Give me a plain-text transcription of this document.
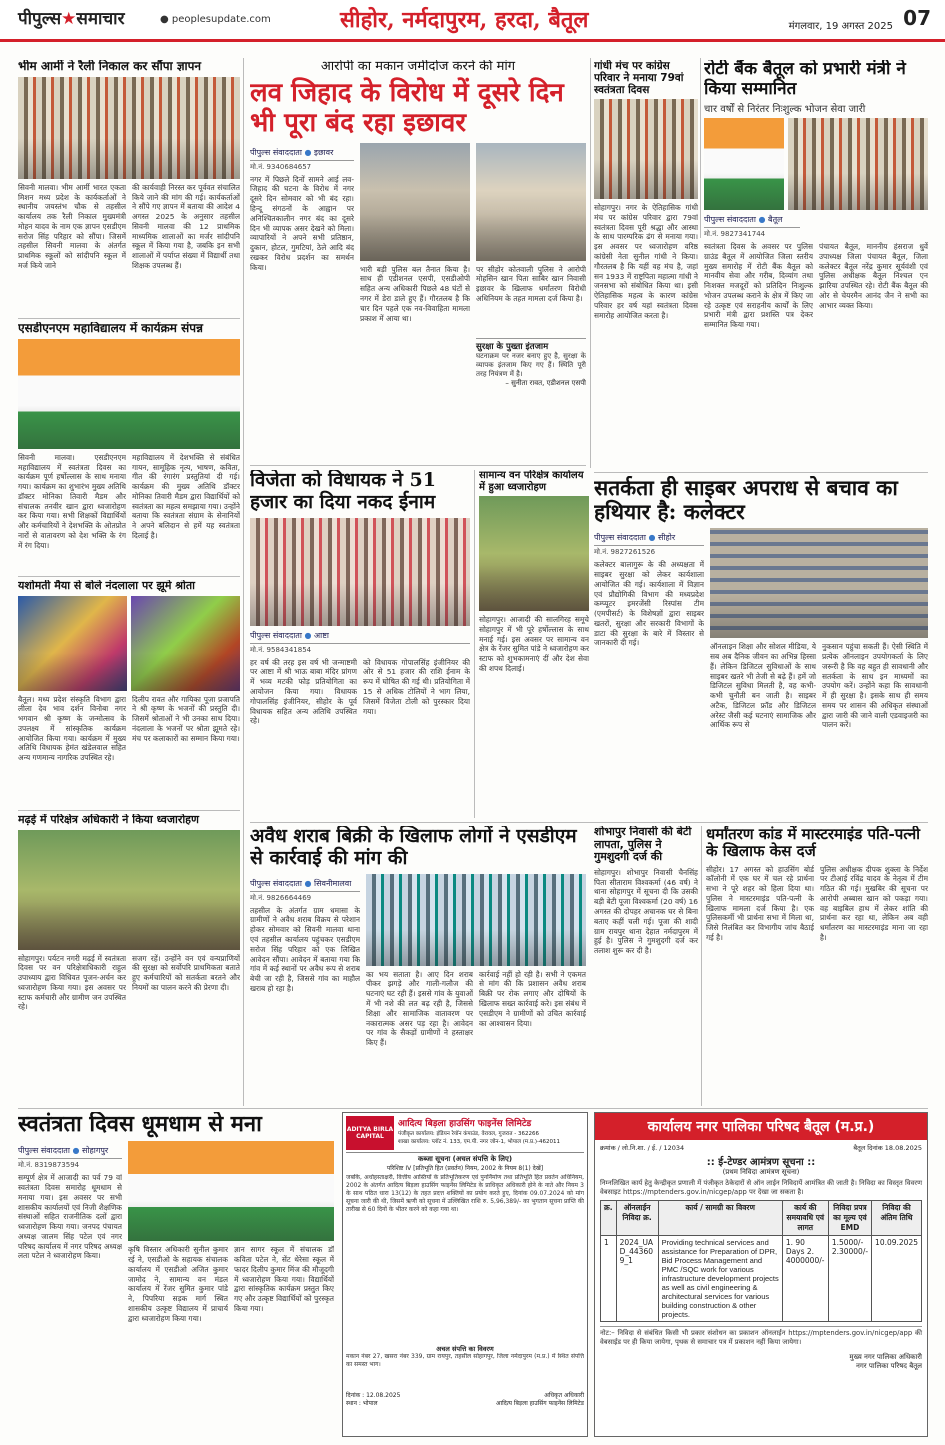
पीपुल्स★समाचार	● peoplesupdate.com	सीहोर, नर्मदापुरम, हरदा, बैतूल	मंगलवार, 19 अगस्त 2025 07
भीम आर्मी ने रैली निकाल कर सौंपा ज्ञापन
सिवनी मालवा। भीम आर्मी भारत एकता मिशन मध्य प्रदेश के कार्यकर्ताओं ने स्थानीय जयस्तंभ चौक से तहसील कार्यालय तक रैली निकाल मुख्यमंत्री मोहन यादव के नाम एक ज्ञापन एसडीएम सरोज सिंह परिहार को सौंपा। जिसमें तहसील सिवनी मालवा के अंतर्गत प्राथमिक स्कूलों को सांदीपनि स्कूल में मर्ज किये जाने
की कार्यवाही निरस्त कर पूर्ववत संचालित किये जाने की मांग की गई। कार्यकर्ताओं ने सौंपे गए ज्ञापन में बताया की आदेश 4 अगस्त 2025 के अनुसार तहसील सिवनी मालवा की 12 प्राथमिक माध्यमिक शालाओं का मर्जर सांदीपनि स्कूल में किया गया है, जबकि इन सभी शालाओं में पर्याप्त संख्या में विद्यार्थी तथा शिक्षक उपलब्ध हैं।
एसडीएनएम महाविद्यालय में कार्यक्रम संपन्न
सिवनी मालवा। एसडीएनएम महाविद्यालय में स्वतंत्रता दिवस का कार्यक्रम पूर्ण हर्षोल्लास के साथ मनाया गया। कार्यक्रम का शुभारंभ मुख्य अतिथि डॉक्टर मोनिका तिवारी मैडम और संचालक तनवीर खान द्वारा ध्वजारोहण कर किया गया। सभी शिक्षकों विद्यार्थियों और कर्मचारियों ने देशभक्ति के ओतप्रोत नारों से वातावरण को देश भक्ति के रंग में रंग दिया।
महाविद्यालय में देशभक्ति से संबंधित गायन, सामूहिक नृत्य, भाषण, कविता, गीत की रंगारंग प्रस्तुतियां दी गई। कार्यक्रम की मुख्य अतिथि डॉक्टर मोनिका तिवारी मैडम द्वारा विद्यार्थियों को स्वतंत्रता का महत्व समझाया गया। उन्होंने बताया कि स्वतंत्रता संग्राम के सेनानियों ने अपने बलिदान से हमें यह स्वतंत्रता दिलाई है।
यशोमती मैया से बोले नंदलाला पर झूमे श्रोता
बैतूल। मध्य प्रदेश संस्कृति विभाग द्वारा लीला देव भाव दर्शन विनोबा नगर भगवान श्री कृष्ण के जन्मोत्सव के उपलक्ष्य में सांस्कृतिक कार्यक्रम आयोजित किया गया। कार्यक्रम में मुख्य अतिथि विधायक हेमंत खंडेलवाल सहित अन्य गणमान्य नागरिक उपस्थित रहे।
दिलीप रावत और गायिका पूजा प्रजापति ने श्री कृष्ण के भजनों की प्रस्तुति दी। जिसमें श्रोताओं ने भी उनका साथ दिया। नंदलाला के भजनों पर श्रोता झूमते रहे। मंच पर कलाकारों का सम्मान किया गया।
मढ़ई में परिक्षेत्र अधिकारी ने किया ध्वजारोहण
सोहागपुर। पर्यटन नगरी मढ़ई में स्वतंत्रता दिवस पर वन परिक्षेत्राधिकारी राहुल उपाध्याय द्वारा विधिवत पूजन-अर्चन कर ध्वजारोहण किया गया। इस अवसर पर स्टाफ कर्मचारी और ग्रामीण जन उपस्थित रहे।
सजग रहें। उन्होंने वन एवं वन्यप्राणियों की सुरक्षा को सर्वोपरि प्राथमिकता बताते हुए कर्मचारियों को सतर्कता बरतने और नियमों का पालन करने की प्रेरणा दी।
आरोपी का मकान जमींदोज करने की मांग
लव जिहाद के विरोध में दूसरे दिन भी पूरा बंद रहा इछावर
पीपुल्स संवाददाता ● इछावर
मो.नं. 9340684657
नगर में पिछले दिनों सामने आई लव-जिहाद की घटना के विरोध में नगर दूसरे दिन सोमवार को भी बंद रहा। हिन्दू संगठनों के आह्वान पर अनिश्चितकालीन नगर बंद का दूसरे दिन भी व्यापक असर देखने को मिला। व्यापारियों ने अपने सभी प्रतिष्ठान, दुकान, होटल, गुमटियां, ठेले आदि बंद रखकर विरोध प्रदर्शन का समर्थन किया।	भारी बड़ी पुलिस बल तैनात किया है। साथ ही एडीशनल एसपी, एसडीओपी सहित अन्य अधिकारी पिछले 48 घंटों से नगर में डेरा डाले हुए हैं। गौरतलब है कि चार दिन पहले एक नव-विवाहिता मामला प्रकाश में आया था।
पर सीहोर कोतवाली पुलिस ने आरोपी मोहसिन खान पिता साबिर खान निवासी इछावर के खिलाफ धर्मांतरण विरोधी अधिनियम के तहत मामला दर्ज किया है।
सुरक्षा के पुख्ता इंतजाम
घटनाक्रम पर नजर बनाए हुए है, सुरक्षा के व्यापक इंतजाम किए गए हैं। स्थिति पूरी तरह नियंत्रण में है।
– सुनीता रावत, एडीशनल एसपी
विजेता को विधायक ने 51 हजार का दिया नकद ईनाम
पीपुल्स संवाददाता ● आष्टा
मो.नं. 9584341854
हर वर्ष की तरह इस वर्ष भी जन्माष्टमी पर आष्टा में श्री भाऊ बाबा मंदिर प्रांगण में भव्य मटकी फोड़ प्रतियोगिता का आयोजन किया गया। विधायक गोपालसिंह इंजीनियर, सीहोर के पूर्व विधायक सहित अन्य अतिथि उपस्थित रहे।
को विधायक गोपालसिंह इंजीनियर की ओर से 51 हजार की राशि ईनाम के रूप में घोषित की गई थी। प्रतियोगिता में 15 से अधिक टोलियों ने भाग लिया, जिसमें विजेता टोली को पुरस्कार दिया गया।
सामान्य वन परिक्षेत्र कार्यालय में हुआ ध्वजारोहण
सोहागपुर। आजादी की सालगिरह समूचे सोहागपुर में भी पूरे हर्षोल्लास के साथ मनाई गई। इस अवसर पर सामान्य वन क्षेत्र के रेंजर सुमित पांडे ने ध्वजारोहण कर स्टाफ को शुभकामनाएं दीं और देश सेवा की शपथ दिलाई।
गांधी मंच पर कांग्रेस परिवार ने मनाया 79वां स्वतंत्रता दिवस
सोहागपुर। नगर के ऐतिहासिक गांधी मंच पर कांग्रेस परिवार द्वारा 79वां स्वतंत्रता दिवस पूरी श्रद्धा और आस्था के साथ पारम्परिक ढंग से मनाया गया। इस अवसर पर ध्वजारोहण वरिष्ठ कांग्रेसी नेता सुनील गांधी ने किया। गौरतलब है कि यहीं वह मंच है, जहां सन 1933 में राष्ट्रपिता महात्मा गांधी ने जनसभा को संबोधित किया था। इसी ऐतिहासिक महत्व के कारण कांग्रेस परिवार हर वर्ष यहां स्वतंत्रता दिवस समारोह आयोजित करता है।
रोटी बैंक बैतूल को प्रभारी मंत्री ने किया सम्मानित
चार वर्षों से निरंतर निःशुल्क भोजन सेवा जारी
पीपुल्स संवाददाता ● बैतूल
मो.नं. 9827341744
स्वतंत्रता दिवस के अवसर पर पुलिस ग्राउंड बैतूल में आयोजित जिला स्तरीय मुख्य समारोह में रोटी बैंक बैतूल को मानवीय सेवा और गरीब, दिव्यांग तथा निःशक्त मजदूरों को प्रतिदिन निःशुल्क भोजन उपलब्ध कराने के क्षेत्र में किए जा रहे उत्कृष्ट एवं सराहनीय कार्यों के लिए प्रभारी मंत्री द्वारा प्रशस्ति पत्र देकर सम्मानित किया गया।
पंचायत बैतूल, माननीय हंसराज धुर्वे उपाध्यक्ष जिला पंचायत बैतूल, जिला कलेक्टर बैतूल नरेंद्र कुमार सूर्यवंशी एवं पुलिस अधीक्षक बैतूल निश्चल एन झारिया उपस्थित रहे। रोटी बैंक बैतूल की ओर से चेयरमैन आनंद जैन ने सभी का आभार व्यक्त किया।
सतर्कता ही साइबर अपराध से बचाव का हथियार है: कलेक्टर
पीपुल्स संवाददाता ● सीहोर
मो.नं. 9827261526
कलेक्टर बालागुरू के की अध्यक्षता में साइबर सुरक्षा को लेकर कार्यशाला आयोजित की गई। कार्यशाला में विज्ञान एवं प्रौद्योगिकी विभाग की मध्यप्रदेश कम्प्यूटर इमरजेंसी रिस्पांस टीम (एमपीसर्ट) के विशेषज्ञों द्वारा साइबर खतरों, सुरक्षा और सरकारी विभागों के डाटा की सुरक्षा के बारे में विस्तार से जानकारी दी गई।	ऑनलाइन शिक्षा और सोशल मीडिया, ये सब अब दैनिक जीवन का अभिन्न हिस्सा हैं। लेकिन डिजिटल सुविधाओं के साथ साइबर खतरे भी तेजी से बढ़े हैं। हमें जो डिजिटल सुविधा मिलती है, वह कभी-कभी चुनौती बन जाती है। साइबर अटैक, डिजिटल फ्रॉड और डिजिटल अरेस्ट जैसी कई घटनाएं सामाजिक और आर्थिक रूप से
नुकसान पहुंचा सकती हैं। ऐसी स्थिति में प्रत्येक ऑनलाइन उपयोगकर्ता के लिए जरूरी है कि वह बहुत ही सावधानी और सतर्कता के साथ इन माध्यमों का उपयोग करें। उन्होंने कहा कि सावधानी में ही सुरक्षा है। इसके साथ ही समय समय पर शासन की अधिकृत संस्थाओं द्वारा जारी की जाने वाली एडवाइजरी का पालन करें।
अवैध शराब बिक्री के खिलाफ लोगों ने एसडीएम से कार्रवाई की मांग की
पीपुल्स संवाददाता ● सिवनीमालवा
मो.नं. 9826664469
तहसील के अंतर्गत ग्राम धमासा के ग्रामीणों ने अवैध शराब विक्रय से परेशान होकर सोमवार को सिवनी मालवा थाना एवं तहसील कार्यालय पहुंचकर एसडीएम सरोज सिंह परिहार को एक लिखित आवेदन सौंपा। आवेदन में बताया गया कि गांव में कई स्थानों पर अवैध रूप से शराब बेची जा रही है, जिससे गांव का माहौल खराब हो रहा है।
का भय सताता है। आए दिन शराब पीकर झगड़े और गाली-गलौज की घटनाएं घट रही हैं। इससे गांव के युवाओं में भी नशे की लत बढ़ रही है, जिससे शिक्षा और सामाजिक वातावरण पर नकारात्मक असर पड़ रहा है। आवेदन पर गांव के सैकड़ों ग्रामीणों ने हस्ताक्षर किए हैं।
कार्रवाई नहीं हो रही है। सभी ने एकमत से मांग की कि प्रशासन अवैध शराब बिक्री पर रोक लगाए और दोषियों के खिलाफ सख्त कार्रवाई करे। इस संबंध में एसडीएम ने ग्रामीणों को उचित कार्रवाई का आश्वासन दिया।
शोभापुर निवासी की बेटी लापता, पुलिस ने गुमशुदगी दर्ज की
सोहागपुर। शोभापुर निवासी चैनसिंह पिता सीताराम विश्वकर्मा (46 वर्ष) ने थाना सोहागपुर में सूचना दी कि उसकी बड़ी बेटी पूजा विश्वकर्मा (20 वर्ष) 16 अगस्त की दोपहर अचानक घर से बिना बताए कहीं चली गई। पूजा की शादी ग्राम रायपुर थाना देहात नर्मदापुरम में हुई है। पुलिस ने गुमशुदगी दर्ज कर तलाश शुरू कर दी है।
धर्मांतरण कांड में मास्टरमाइंड पति-पत्नी के खिलाफ केस दर्ज
सीहोर। 17 अगस्त को हाउसिंग बोर्ड कॉलोनी में एक घर में चल रहे प्रार्थना सभा ने पूरे शहर को हिला दिया था। पुलिस ने मास्टरमाइंड पति-पत्नी के खिलाफ मामला दर्ज किया है। एक पुलिसकर्मी भी प्रार्थना सभा में मिला था, जिसे निलंबित कर विभागीय जांच बैठाई गई है।
पुलिस अधीक्षक दीपक शुक्ला के निर्देश पर टीआई रविंद्र यादव के नेतृत्व में टीम गठित की गई। मुखबिर की सूचना पर आरोपी अब्बास खान को पकड़ा गया। वह बाइबिल हाथ में लेकर शांति की प्रार्थना कर रहा था, लेकिन अब वही धर्मांतरण का मास्टरमाइंड माना जा रहा है।
स्वतंत्रता दिवस धूमधाम से मना
पीपुल्स संवाददाता ● सोहागपुर
मो.नं. 8319873594
सम्पूर्ण क्षेत्र में आजादी का पर्व 79 वां स्वतंत्रता दिवस समारोह धूमधाम से मनाया गया। इस अवसर पर सभी शासकीय कार्यालयों एवं निजी शैक्षणिक संस्थाओं सहित राजनीतिक दलों द्वारा ध्वजारोहण किया गया। जनपद पंचायत अध्यक्ष जालम सिंह पटेल एवं नगर परिषद कार्यालय में नगर परिषद अध्यक्ष लता पटेल ने ध्वजारोहण किया।
कृषि विस्तार अधिकारी सुनील कुमार रई ने, एसडीओ के सहायक संचालक कार्यालय में एसडीओ अजित कुमार जामोद ने, सामान्य वन मंडल कार्यालय में रेंजर सुमित कुमार पांडे ने, पिपरिया सड़क मार्ग स्थित शासकीय उत्कृष्ट विद्यालय में प्राचार्य द्वारा ध्वजारोहण किया गया।
ज्ञान सागर स्कूल में संचालक डॉ कविता पटेल ने, सेंट थेरेसा स्कूल में फादर दिलीप कुमार मिंज की मौजूदगी में ध्वजारोहण किया गया। विद्यार्थियों द्वारा सांस्कृतिक कार्यक्रम प्रस्तुत किए गए और उत्कृष्ट विद्यार्थियों को पुरस्कृत किया गया।
ADITYA BIRLA CAPITAL
आदित्य बिड़ला हाउसिंग फाइनेंस लिमिटेड
पंजीकृत कार्यालय: इंडियन रेयॉन कंपाउंड, वेरावल, गुजरात - 362266
शाखा कार्यालय: प्लॉट नं. 133, एम.पी. नगर जोन-1, भोपाल (म.प्र.)-462011
कब्जा सूचना (अचल संपत्ति के लिए)
परिशिष्ट IV [प्रतिभूति हित (प्रवर्तन) नियम, 2002 के नियम 8(1) देखें]
जबकि, अधोहस्ताक्षरी, वित्तीय आस्तियों के प्रतिभूतिकरण एवं पुनर्निर्माण तथा प्रतिभूति हित प्रवर्तन अधिनियम, 2002 के अंतर्गत आदित्य बिड़ला हाउसिंग फाइनेंस लिमिटेड के प्राधिकृत अधिकारी होने के नाते और नियम 3 के साथ पठित धारा 13(12) के तहत प्रदत्त शक्तियों का प्रयोग करते हुए, दिनांक 09.07.2024 को मांग सूचना जारी की थी, जिसमें ऋणी को सूचना में उल्लिखित राशि रु. 5,96,389/- का भुगतान सूचना प्राप्ति की तारीख से 60 दिनों के भीतर करने को कहा गया था।
अचल संपत्ति का विवरण
मकान नंबर 27, खसरा नंबर 339, ग्राम रायपुर, तहसील सोहागपुर, जिला नर्मदापुरम (म.प्र.) में स्थित संपत्ति का समस्त भाग।
दिनांक : 12.08.2025
स्थान : भोपाल
अधिकृत अधिकारी
आदित्य बिड़ला हाउसिंग फाइनेंस लिमिटेड
कार्यालय नगर पालिका परिषद बैतूल (म.प्र.)
क्रमांक / लो.नि.शा. / ई. / 12034	बैतूल दिनांक 18.08.2025
:: ई-टेण्डर आमंत्रण सूचना ::
(प्रथम निविदा आमंत्रण सूचना)
निम्नलिखित कार्य हेतु केन्द्रीकृत प्रणाली में पंजीकृत ठेकेदारों से ऑन लाईन निविदायें आमंत्रित की जाती है। निविदा का विस्तृत विवरण वेबसाइट https://mptenders.gov.in/nicgep/app पर देखा जा सकता है।
क्र.	ऑनलाईन निविदा क्र.	कार्य / सामग्री का विवरण	कार्य की समयावधि एवं लागत	निविदा प्रपत्र का मूल्य एवं EMD	निविदा की अंतिम तिथि
1	2024_UAD_443609_1	Providing technical services and assistance for Preparation of DPR, Bid Process Management and PMC /SQC work for various infrastructure development projects as well as civil engineering & architectural services for various building construction & other projects.	1. 90 Days 2. 4000000/-	1.5000/- 2.30000/-	10.09.2025
नोट:– निविदा से संबंधित किसी भी प्रकार संशोधन का प्रकाशन ऑनलाईन https://mptenders.gov.in/nicgep/app की वेबसाईड पर ही किया जायेगा, पृथक से समाचार पत्र में प्रकाशन नहीं किया जायेगा।
मुख्य नगर पालिका अधिकारी
नगर पालिका परिषद बैतूल
